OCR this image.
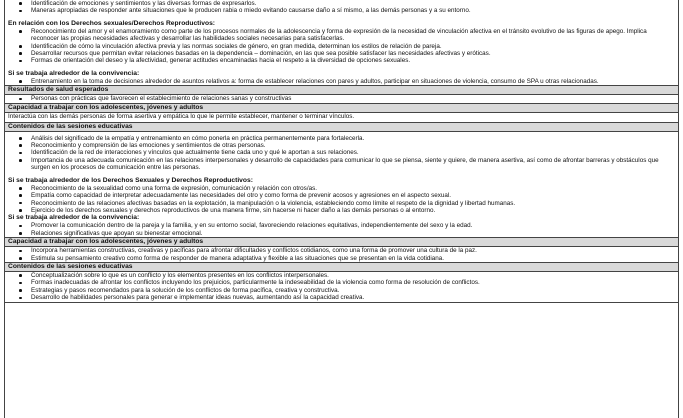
Identificación de emociones y sentimientos y las diversas formas de expresarlos.
Maneras apropiadas de responder ante situaciones que le producen rabia o miedo evitando causarse daño a sí mismo, a las demás personas y a su entorno.
En relación con los Derechos sexuales/Derechos Reproductivos:
Reconocimiento del amor y el enamoramiento como parte de los procesos normales de la adolescencia y forma de expresión de la necesidad de vinculación afectiva en el tránsito evolutivo de las figuras de apego. Implica reconocer las propias necesidades afectivas y desarrollar las habilidades sociales necesarias para satisfacerlas.
Identificación de cómo la vinculación afectiva previa y las normas sociales de género, en gran medida, determinan los estilos de relación de pareja.
Desarrollar recursos que permitan evitar relaciones basadas en la dependencia – dominación, en las que sea posible satisfacer las necesidades afectivas y eróticas.
Formas de orientación del deseo y la afectividad, generar actitudes encaminadas hacia el respeto a la diversidad de opciones sexuales.
Si se trabaja alrededor de la convivencia:
Entrenamiento en la toma de decisiones alrededor de asuntos relativos a: forma de establecer relaciones con pares y adultos, participar en situaciones de violencia, consumo de SPA u otras relacionadas.
Resultados de salud esperados
Personas con prácticas que favorecen el establecimiento de relaciones sanas y constructivas
Capacidad a trabajar con los adolescentes, jóvenes y adultos
Interactúa con las demás personas de forma asertiva y empática lo que le permite establecer, mantener o terminar vínculos.
Contenidos de las sesiones educativas
Análisis del significado de la empatía y entrenamiento en cómo ponerla en práctica permanentemente para fortalecerla.
Reconocimiento y comprensión de las emociones y sentimientos de otras personas.
Identificación de la red de interacciones y vínculos que actualmente tiene cada uno y qué le aportan a sus relaciones.
Importancia de una adecuada comunicación en las relaciones interpersonales y desarrollo de capacidades para comunicar lo que se piensa, siente y quiere, de manera asertiva, así como de afrontar barreras y obstáculos que surgen en los procesos de comunicación entre las personas.
Si se trabaja alrededor de los Derechos Sexuales y Derechos Reproductivos:
Reconocimiento de la sexualidad como una forma de expresión, comunicación y relación con otros/as.
Empatía como capacidad de interpretar adecuadamente las necesidades del otro y como forma de prevenir acosos y agresiones en el aspecto sexual.
Reconocimiento de las relaciones afectivas basadas en la explotación, la manipulación o la violencia, estableciendo como límite el respeto de la dignidad y libertad humanas.
Ejercicio de los derechos sexuales y derechos reproductivos de una manera firme, sin hacerse ni hacer daño a las demás personas o al entorno.
Si se trabaja alrededor de la convivencia:
Promover la comunicación dentro de la pareja y la familia, y en su entorno social, favoreciendo relaciones equitativas, independientemente del sexo y la edad.
Relaciones significativas que apoyan su bienestar emocional.
Capacidad a trabajar con los adolescentes, jóvenes y adultos
Incorpora herramientas constructivas, creativas y pacíficas para afrontar dificultades y conflictos cotidianos, como una forma de promover una cultura de la paz.
Estimula su pensamiento creativo como forma de responder de manera adaptativa y flexible a las situaciones que se presentan en la vida cotidiana.
Contenidos de las sesiones educativas
Conceptualización sobre lo que es un conflicto y los elementos presentes en los conflictos interpersonales.
Formas inadecuadas de afrontar los conflictos incluyendo los prejuicios, particularmente la indeseabilidad de la violencia como forma de resolución de conflictos.
Estrategias y pasos recomendados para la solución de los conflictos de forma pacífica, creativa y constructiva.
Desarrollo de habilidades personales para generar e implementar ideas nuevas, aumentando así la capacidad creativa.
